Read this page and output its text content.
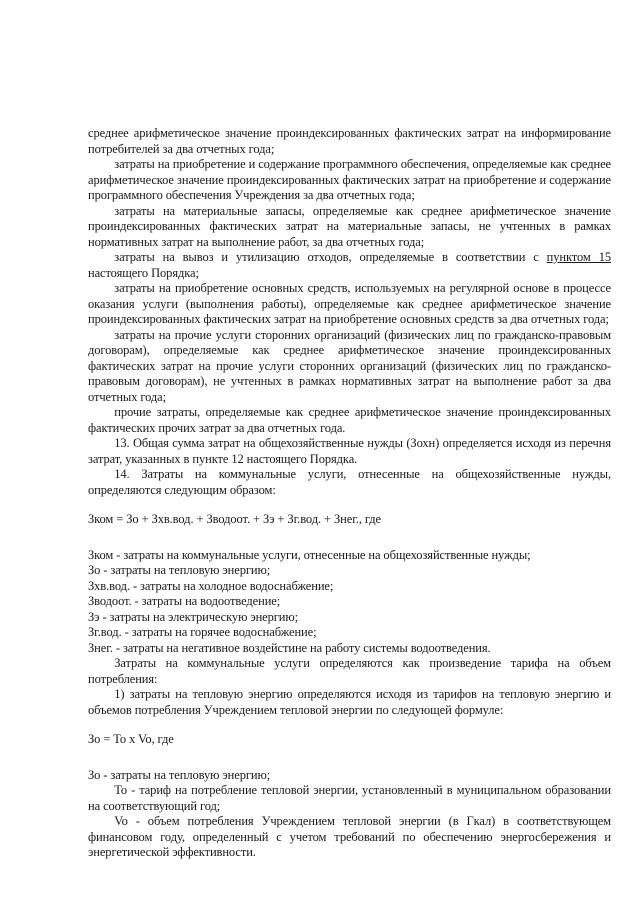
среднее арифметическое значение проиндексированных фактических затрат на информирование потребителей за два отчетных года;

затраты на приобретение и содержание программного обеспечения, определяемые как среднее арифметическое значение проиндексированных фактических затрат на приобретение и содержание программного обеспечения Учреждения за два отчетных года;

затраты на материальные запасы, определяемые как среднее арифметическое значение проиндексированных фактических затрат на материальные запасы, не учтенных в рамках нормативных затрат на выполнение работ, за два отчетных года;

затраты на вывоз и утилизацию отходов, определяемые в соответствии с пунктом 15 настоящего Порядка;

затраты на приобретение основных средств, используемых на регулярной основе в процессе оказания услуги (выполнения работы), определяемые как среднее арифметическое значение проиндексированных фактических затрат на приобретение основных средств за два отчетных года;

затраты на прочие услуги сторонних организаций (физических лиц по гражданско-правовым договорам), определяемые как среднее арифметическое значение проиндексированных фактических затрат на прочие услуги сторонних организаций (физических лиц по гражданско-правовым договорам), не учтенных в рамках нормативных затрат на выполнение работ за два отчетных года;

прочие затраты, определяемые как среднее арифметическое значение проиндексированных фактических прочих затрат за два отчетных года.

13. Общая сумма затрат на общехозяйственные нужды (Зохн) определяется исходя из перечня затрат, указанных в пункте 12 настоящего Порядка.

14. Затраты на коммунальные услуги, отнесенные на общехозяйственные нужды, определяются следующим образом:

Зком = Зо + Зхв.вод. + Зводоот. + Зэ + Зг.вод. + Знег., где

Зком - затраты на коммунальные услуги, отнесенные на общехозяйственные нужды;

Зо - затраты на тепловую энергию;

Зхв.вод. - затраты на холодное водоснабжение;

Зводоот. - затраты на водоотведение;

Зэ - затраты на электрическую энергию;

Зг.вод. - затраты на горячее водоснабжение;

Знег. - затраты на негативное воздейстине на работу системы водоотведения.

Затраты на коммунальные услуги определяются как произведение тарифа на объем потребления:

1) затраты на тепловую энергию определяются исходя из тарифов на тепловую энергию и объемов потребления Учреждением тепловой энергии по следующей формуле:

Зо = То x Vo, где

Зо - затраты на тепловую энергию;

То - тариф на потребление тепловой энергии, установленный в муниципальном образовании на соответствующий год;

Vo - объем потребления Учреждением тепловой энергии (в Гкал) в соответствующем финансовом году, определенный с учетом требований по обеспечению энергосбережения и энергетической эффективности.
